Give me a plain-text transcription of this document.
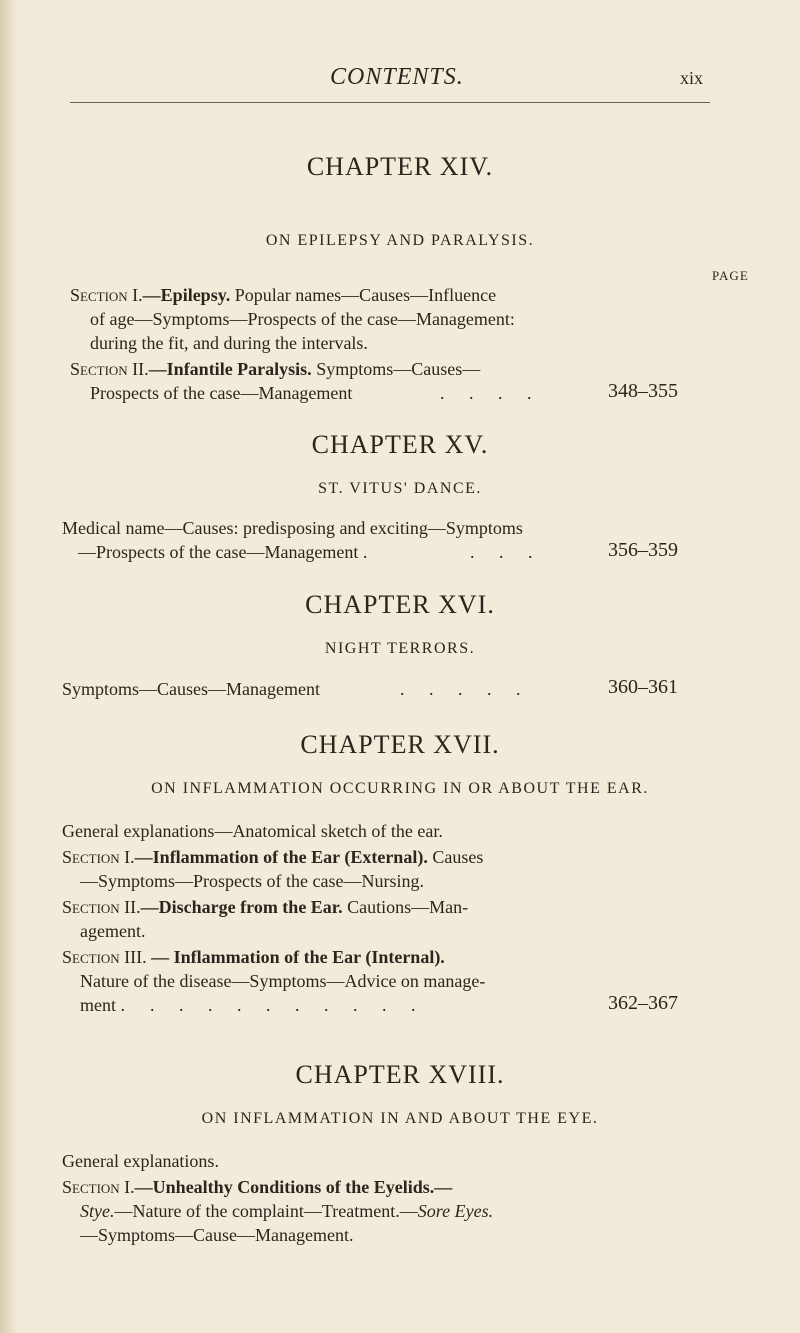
CONTENTS.	xix
CHAPTER XIV.
ON EPILEPSY AND PARALYSIS.
PAGE
Section I.—Epilepsy. Popular names—Causes—Influence
of age—Symptoms—Prospects of the case—Management:
during the fit, and during the intervals.
Section II.—Infantile Paralysis. Symptoms—Causes—
Prospects of the case—Management	. . . .	348–355
CHAPTER XV.
ST. VITUS' DANCE.
Medical name—Causes: predisposing and exciting—Symptoms
—Prospects of the case—Management .	. . .	356–359
CHAPTER XVI.
NIGHT TERRORS.
Symptoms—Causes—Management	. . . . .	360–361
CHAPTER XVII.
ON INFLAMMATION OCCURRING IN OR ABOUT THE EAR.
General explanations—Anatomical sketch of the ear.
Section I.—Inflammation of the Ear (External). Causes
—Symptoms—Prospects of the case—Nursing.
Section II.—Discharge from the Ear. Cautions—Man-
agement.
Section III. — Inflammation of the Ear (Internal).
Nature of the disease—Symptoms—Advice on manage-
ment . . . . . . . . . . .	362–367
CHAPTER XVIII.
ON INFLAMMATION IN AND ABOUT THE EYE.
General explanations.
Section I.—Unhealthy Conditions of the Eyelids.—
Stye.—Nature of the complaint—Treatment.—Sore Eyes.
—Symptoms—Cause—Management.
